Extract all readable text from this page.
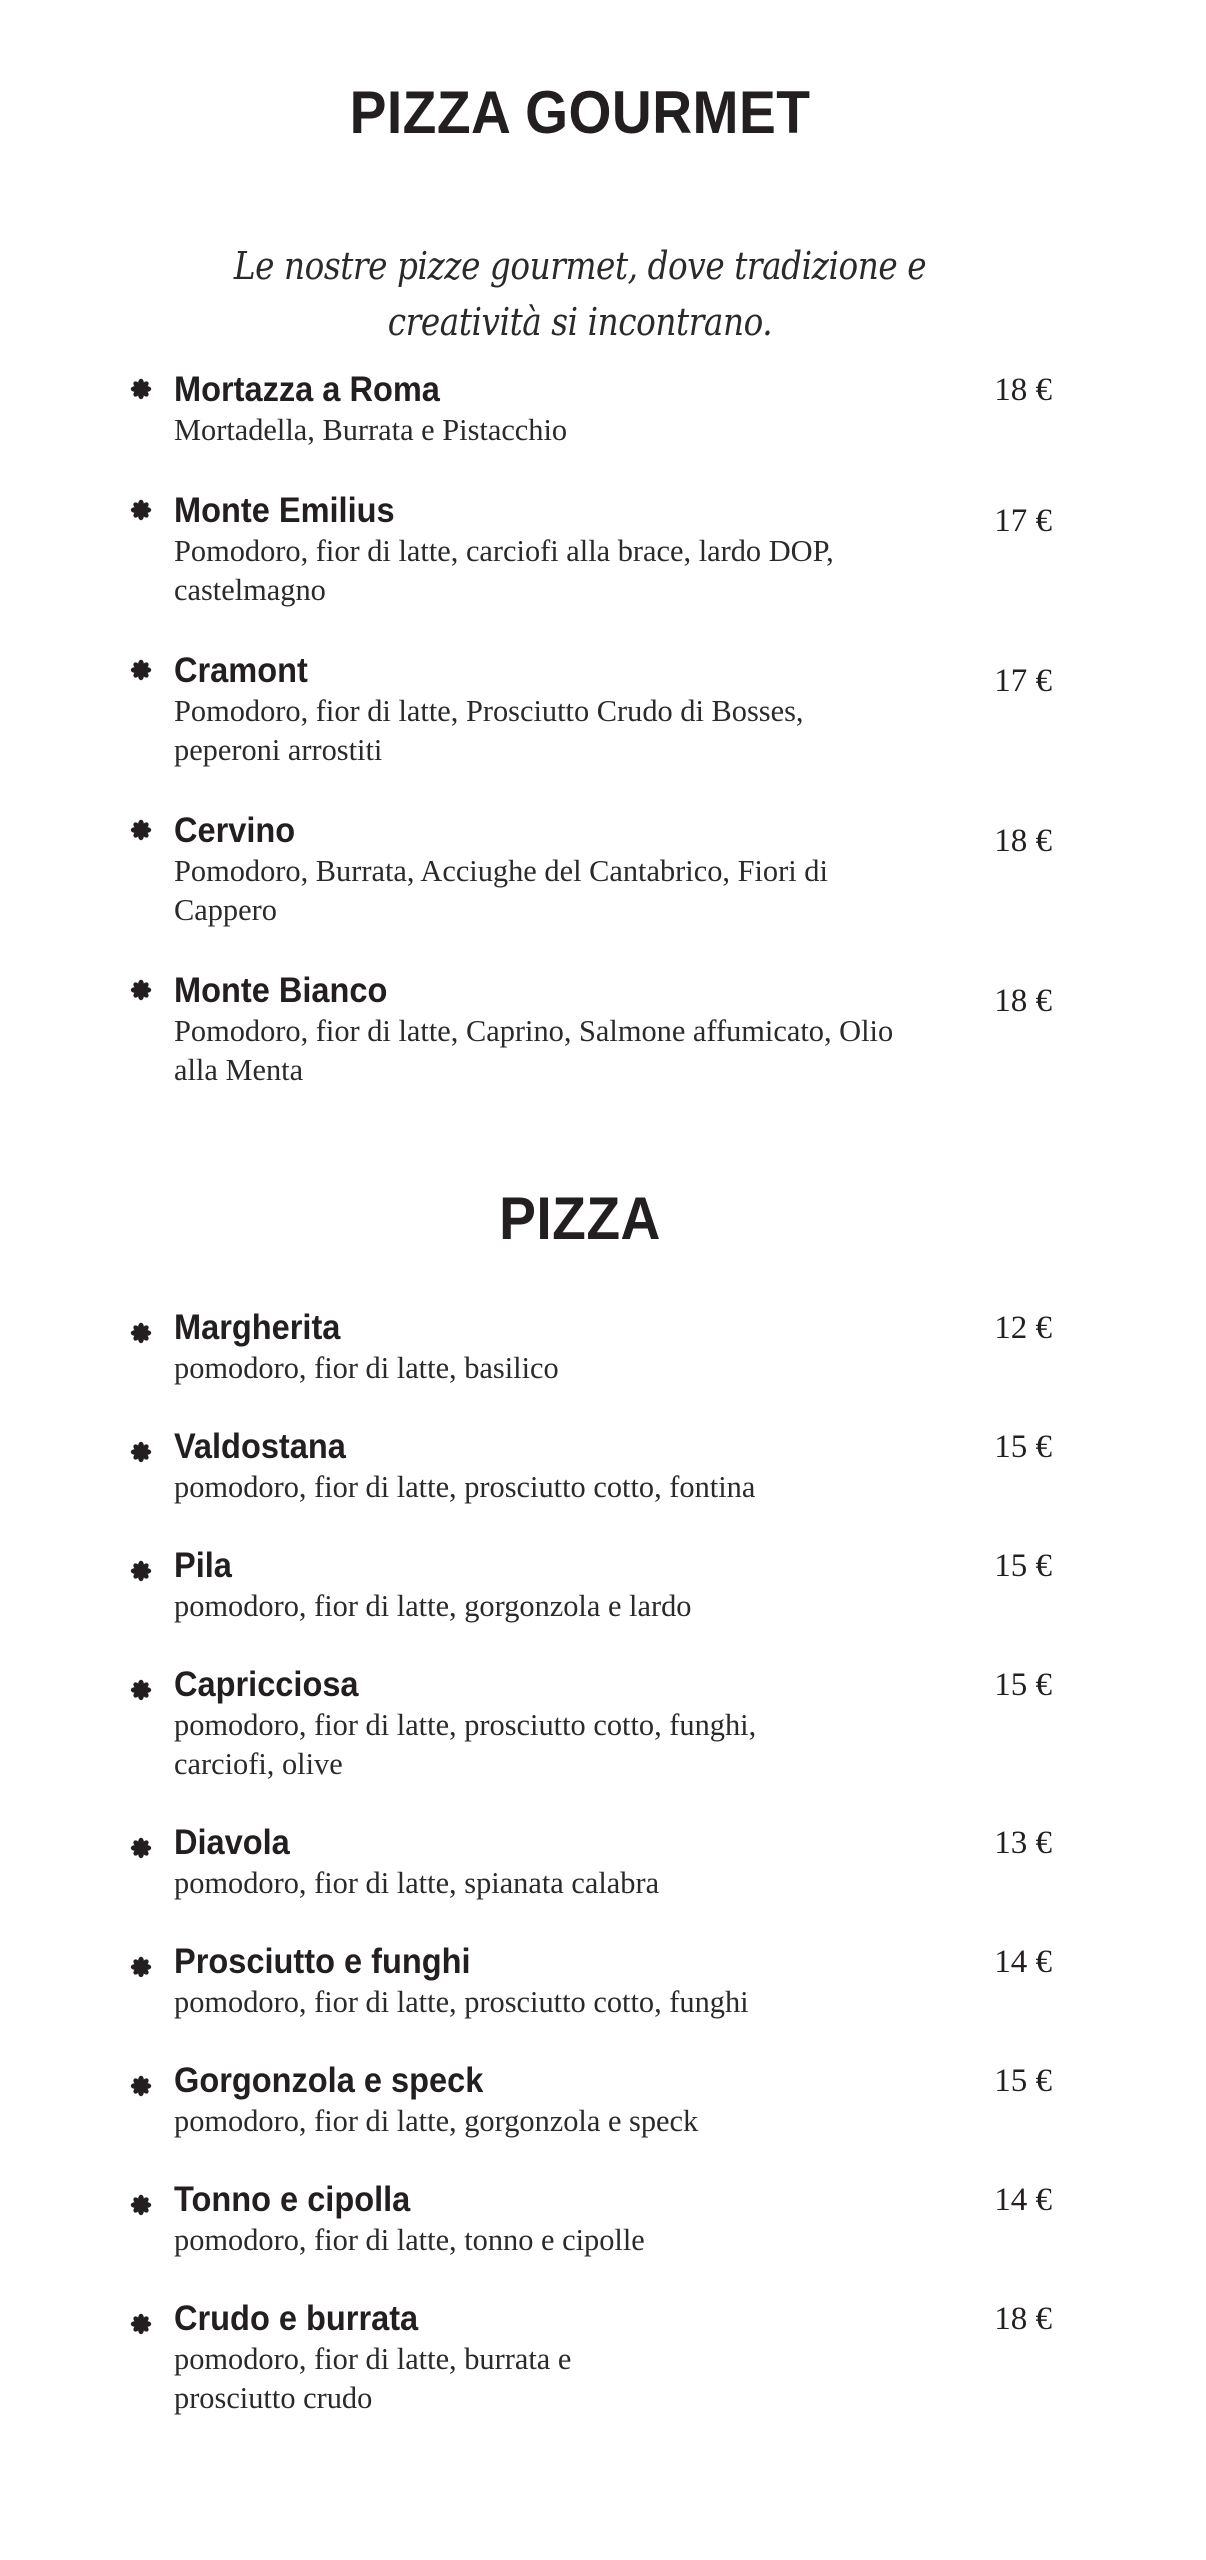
PIZZA GOURMET

Le nostre pizze gourmet, dove tradizione e creatività si incontrano.

Mortazza a Roma
Mortadella, Burrata e Pistacchio
18 €
Monte Emilius
Pomodoro, fior di latte, carciofi alla brace, lardo DOP, castelmagno
17 €
Cramont
Pomodoro, fior di latte, Prosciutto Crudo di Bosses, peperoni arrostiti
17 €
Cervino
Pomodoro, Burrata, Acciughe del Cantabrico, Fiori di Cappero
18 €
Monte Bianco
Pomodoro, fior di latte, Caprino, Salmone affumicato, Olio alla Menta
18 €
PIZZA
Margherita
pomodoro, fior di latte, basilico
12 €
Valdostana
pomodoro, fior di latte, prosciutto cotto, fontina
15 €
Pila
pomodoro, fior di latte, gorgonzola e lardo
15 €
Capricciosa
pomodoro, fior di latte, prosciutto cotto, funghi, carciofi, olive
15 €
Diavola
pomodoro, fior di latte, spianata calabra
13 €
Prosciutto e funghi
pomodoro, fior di latte, prosciutto cotto, funghi
14 €
Gorgonzola e speck
pomodoro, fior di latte, gorgonzola e speck
15 €
Tonno e cipolla
pomodoro, fior di latte, tonno e cipolle
14 €
Crudo e burrata
pomodoro, fior di latte, burrata e prosciutto crudo
18 €
